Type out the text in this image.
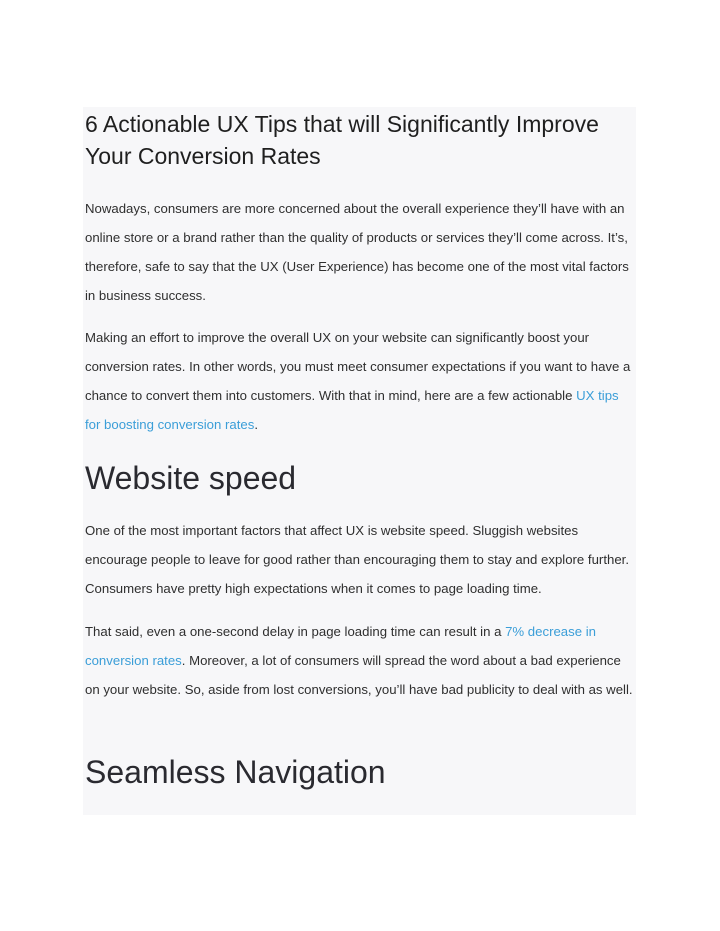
6 Actionable UX Tips that will Significantly Improve Your Conversion Rates

Nowadays, consumers are more concerned about the overall experience they’ll have with an online store or a brand rather than the quality of products or services they’ll come across. It’s, therefore, safe to say that the UX (User Experience) has become one of the most vital factors in business success.

Making an effort to improve the overall UX on your website can significantly boost your conversion rates. In other words, you must meet consumer expectations if you want to have a chance to convert them into customers. With that in mind, here are a few actionable UX tips for boosting conversion rates.

Website speed

One of the most important factors that affect UX is website speed. Sluggish websites encourage people to leave for good rather than encouraging them to stay and explore further. Consumers have pretty high expectations when it comes to page loading time.

That said, even a one-second delay in page loading time can result in a 7% decrease in conversion rates. Moreover, a lot of consumers will spread the word about a bad experience on your website. So, aside from lost conversions, you’ll have bad publicity to deal with as well.

Seamless Navigation
